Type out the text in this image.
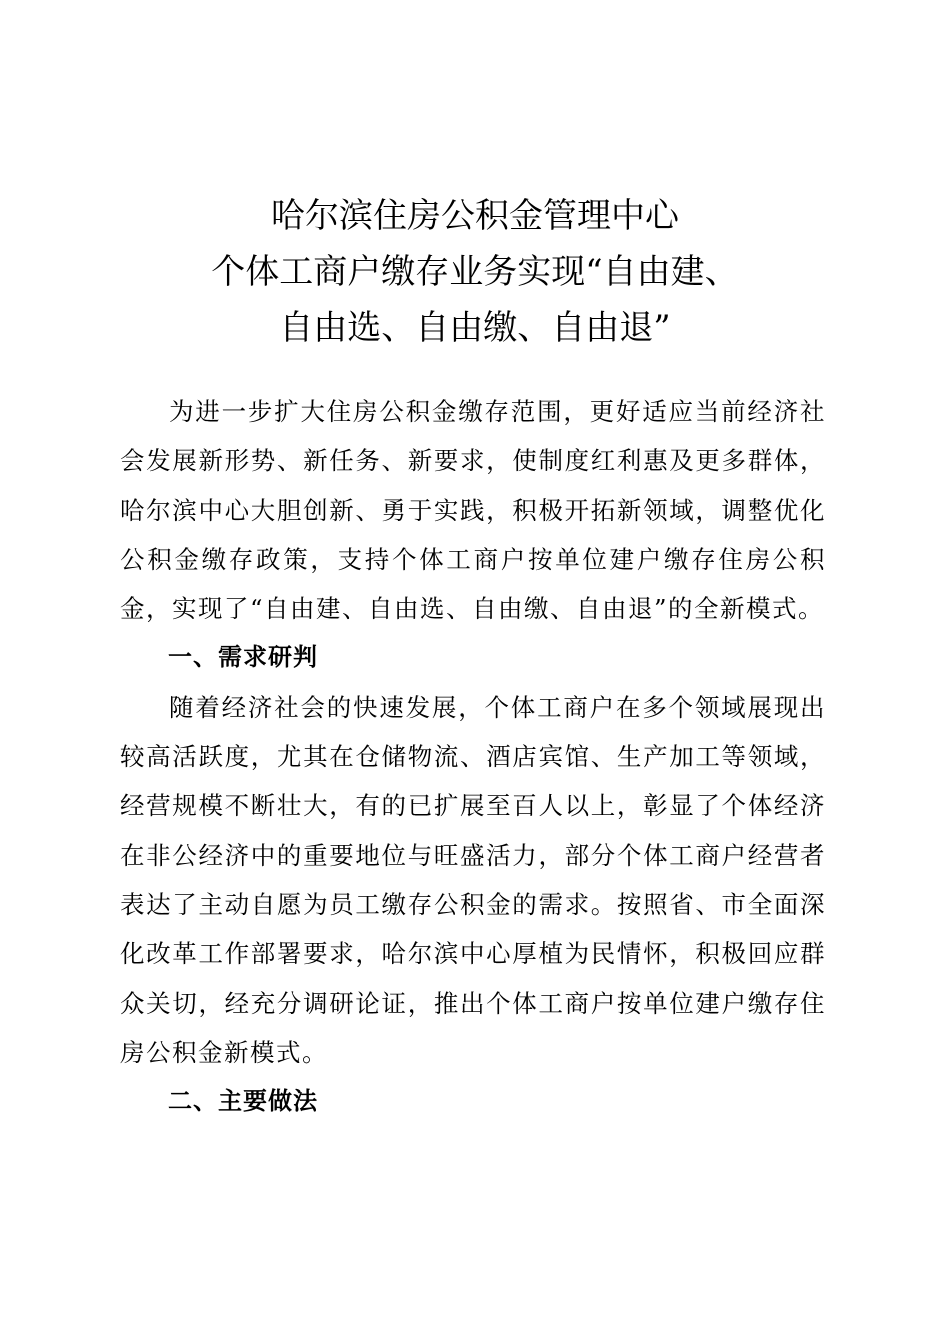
哈尔滨住房公积金管理中心
个体工商户缴存业务实现“自由建、
自由选、自由缴、自由退”

为进一步扩大住房公积金缴存范围，更好适应当前经济社会发展新形势、新任务、新要求，使制度红利惠及更多群体，哈尔滨中心大胆创新、勇于实践，积极开拓新领域，调整优化公积金缴存政策，支持个体工商户按单位建户缴存住房公积金，实现了“自由建、自由选、自由缴、自由退”的全新模式。

一、需求研判

随着经济社会的快速发展，个体工商户在多个领域展现出较高活跃度，尤其在仓储物流、酒店宾馆、生产加工等领域，经营规模不断壮大，有的已扩展至百人以上，彰显了个体经济在非公经济中的重要地位与旺盛活力，部分个体工商户经营者表达了主动自愿为员工缴存公积金的需求。按照省、市全面深化改革工作部署要求，哈尔滨中心厚植为民情怀，积极回应群众关切，经充分调研论证，推出个体工商户按单位建户缴存住房公积金新模式。

二、主要做法
